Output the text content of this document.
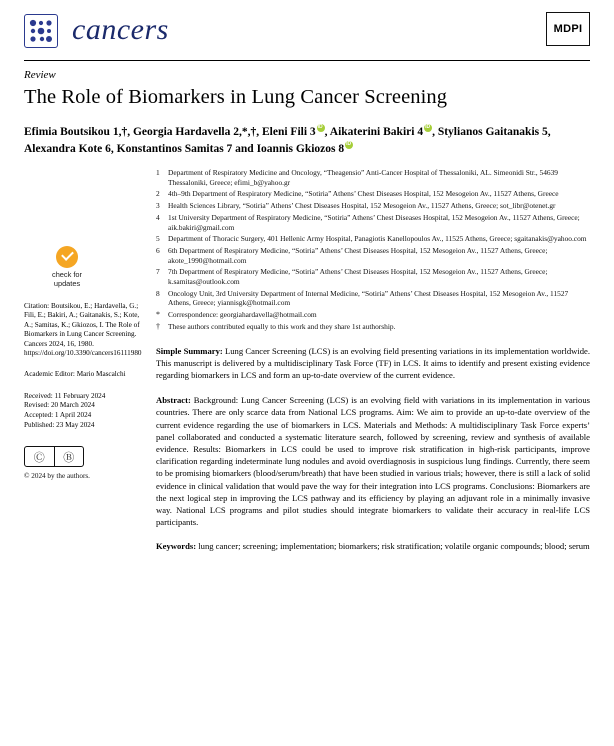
cancers	MDPI
Review
The Role of Biomarkers in Lung Cancer Screening
Efimia Boutsikou 1,†, Georgia Hardavella 2,*,†, Eleni Fili 3 iD , Aikaterini Bakiri 4 iD , Stylianos Gaitanakis 5,
Alexandra Kote 6, Konstantinos Samitas 7 and Ioannis Gkiozos 8iD
check for
updates
Citation: Boutsikou, E.; Hardavella, G.; Fili, E.; Bakiri, A.; Gaitanakis, S.; Kote, A.; Samitas, K.; Gkiozos, I. The Role of Biomarkers in Lung Cancer Screening. Cancers 2024, 16, 1980. https://doi.org/10.3390/cancers16111980
Academic Editor: Mario Mascalchi
Received: 11 February 2024
Revised: 20 March 2024
Accepted: 1 April 2024
Published: 23 May 2024
Ⓒ	Ⓑ
© 2024 by the authors.
1	Department of Respiratory Medicine and Oncology, “Theagensio” Anti-Cancer Hospital of Thessaloniki, AL. Simeonidi Str., 54639 Thessaloniki, Greece; efimi_b@yahoo.gr
2	4th–9th Department of Respiratory Medicine, “Sotiria” Athens’ Chest Diseases Hospital, 152 Mesogeion Av., 11527 Athens, Greece
3	Health Sciences Library, “Sotiria” Athens’ Chest Diseases Hospital, 152 Mesogeion Av., 11527 Athens, Greece; sot_libr@otenet.gr
4	1st University Department of Respiratory Medicine, “Sotiria” Athens’ Chest Diseases Hospital, 152 Mesogeion Av., 11527 Athens, Greece; aik.bakiri@gmail.com
5	Department of Thoracic Surgery, 401 Hellenic Army Hospital, Panagiotis Kanellopoulos Av., 11525 Athens, Greece; sgaitanakis@yahoo.com
6	6th Department of Respiratory Medicine, “Sotiria” Athens’ Chest Diseases Hospital, 152 Mesogeion Av., 11527 Athens, Greece; akote_1990@hotmail.com
7	7th Department of Respiratory Medicine, “Sotiria” Athens’ Chest Diseases Hospital, 152 Mesogeion Av., 11527 Athens, Greece; k.samitas@outlook.com
8	Oncology Unit, 3rd University Department of Internal Medicine, “Sotiria” Athens’ Chest Diseases Hospital, 152 Mesogeion Av., 11527 Athens, Greece; yiannisgk@hotmail.com
*	Correspondence: georgiahardavella@hotmail.com
†	These authors contributed equally to this work and they share 1st authorship.
Simple Summary: Lung Cancer Screening (LCS) is an evolving field presenting variations in its implementation worldwide. This manuscript is delivered by a multidisciplinary Task Force (TF) in LCS. It aims to identify and present existing evidence regarding biomarkers in LCS and form an up-to-date overview of the current evidence.
Abstract: Background: Lung Cancer Screening (LCS) is an evolving field with variations in its implementation in various countries. There are only scarce data from National LCS programs. Aim: We aim to provide an up-to-date overview of the current evidence regarding the use of biomarkers in LCS. Materials and Methods: A multidisciplinary Task Force experts’ panel collaborated and conducted a systematic literature search, followed by screening, review and synthesis of available evidence. Results: Biomarkers in LCS could be used to improve risk stratification in high-risk participants, improve clarification regarding indeterminate lung nodules and avoid overdiagnosis in suspicious lung findings. Currently, there seem to be promising biomarkers (blood/serum/breath) that have been studied in various trials; however, there is still a lack of solid evidence in clinical validation that would pave the way for their integration into LCS programs. Conclusions: Biomarkers are the next logical step in improving the LCS pathway and its efficiency by playing an adjuvant role in a minimally invasive way. National LCS programs and pilot studies should integrate biomarkers to validate their accuracy in real-life LCS participants.
Keywords: lung cancer; screening; implementation; biomarkers; risk stratification; volatile organic compounds; blood; serum
